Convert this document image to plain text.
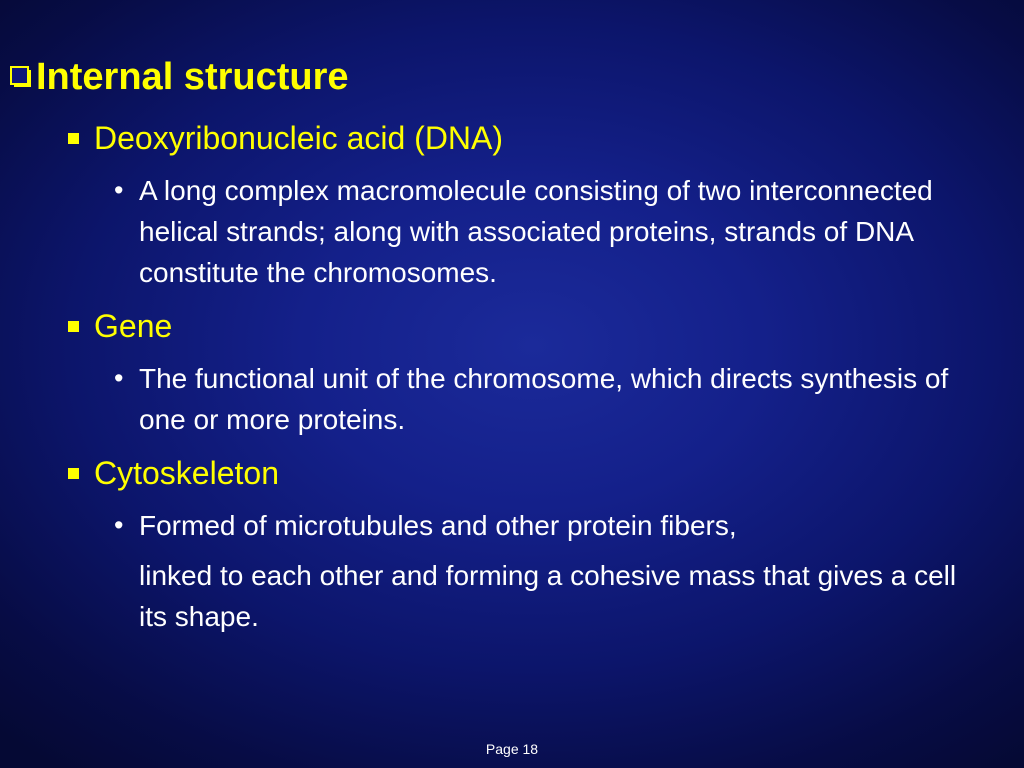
Internal structure
Deoxyribonucleic acid (DNA)
• A long complex macromolecule consisting of two interconnected helical strands; along with associated proteins, strands of DNA constitute the chromosomes.
Gene
• The functional unit of the chromosome, which directs synthesis of one or more proteins.
Cytoskeleton
• Formed of microtubules and other protein fibers,
linked to each other and forming a cohesive mass that gives a cell its shape.
Page 18
